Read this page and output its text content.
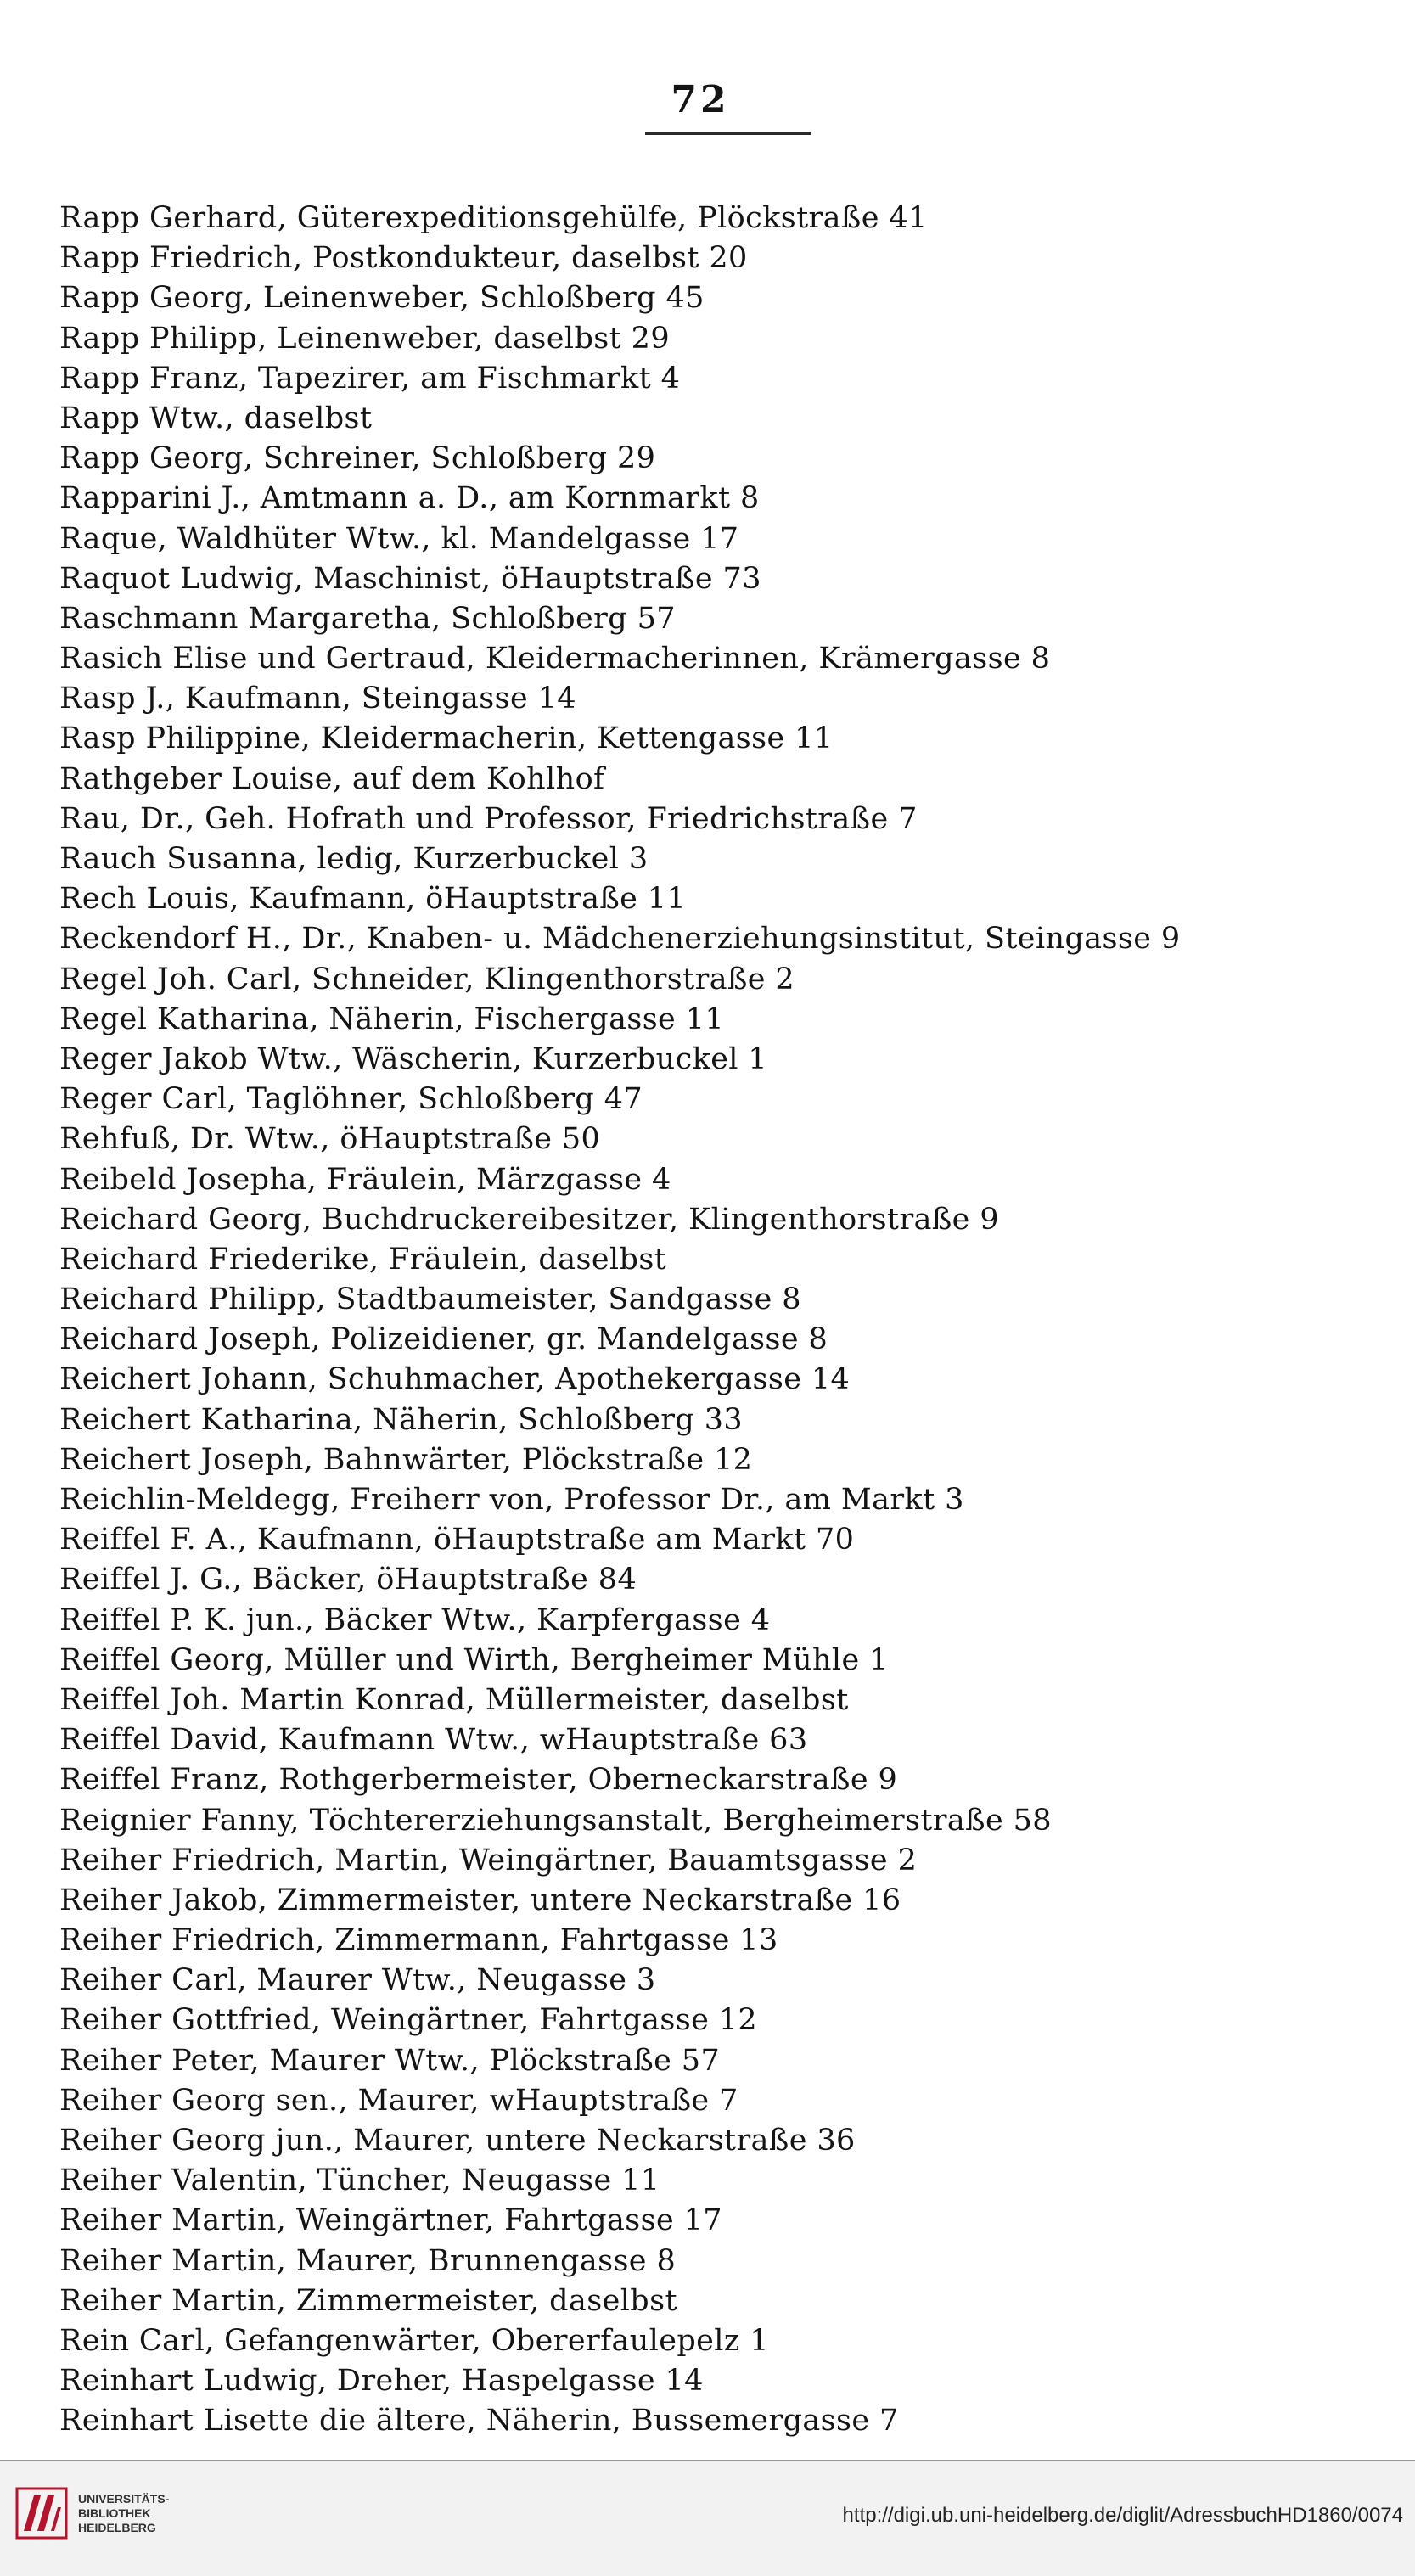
72
Rapp Gerhard, Güterexpeditionsgehülfe, Plöckstraße 41
Rapp Friedrich, Postkondukteur, daselbst 20
Rapp Georg, Leinenweber, Schloßberg 45
Rapp Philipp, Leinenweber, daselbst 29
Rapp Franz, Tapezirer, am Fischmarkt 4
Rapp Wtw., daselbst
Rapp Georg, Schreiner, Schloßberg 29
Rapparini J., Amtmann a. D., am Kornmarkt 8
Raque, Waldhüter Wtw., kl. Mandelgasse 17
Raquot Ludwig, Maschinist, öHauptstraße 73
Raschmann Margaretha, Schloßberg 57
Rasich Elise und Gertraud, Kleidermacherinnen, Krämergasse 8
Rasp J., Kaufmann, Steingasse 14
Rasp Philippine, Kleidermacherin, Kettengasse 11
Rathgeber Louise, auf dem Kohlhof
Rau, Dr., Geh. Hofrath und Professor, Friedrichstraße 7
Rauch Susanna, ledig, Kurzerbuckel 3
Rech Louis, Kaufmann, öHauptstraße 11
Reckendorf H., Dr., Knaben- u. Mädchenerziehungsinstitut, Steingasse 9
Regel Joh. Carl, Schneider, Klingenthorstraße 2
Regel Katharina, Näherin, Fischergasse 11
Reger Jakob Wtw., Wäscherin, Kurzerbuckel 1
Reger Carl, Taglöhner, Schloßberg 47
Rehfuß, Dr. Wtw., öHauptstraße 50
Reibeld Josepha, Fräulein, Märzgasse 4
Reichard Georg, Buchdruckereibesitzer, Klingenthorstraße 9
Reichard Friederike, Fräulein, daselbst
Reichard Philipp, Stadtbaumeister, Sandgasse 8
Reichard Joseph, Polizeidiener, gr. Mandelgasse 8
Reichert Johann, Schuhmacher, Apothekergasse 14
Reichert Katharina, Näherin, Schloßberg 33
Reichert Joseph, Bahnwärter, Plöckstraße 12
Reichlin-Meldegg, Freiherr von, Professor Dr., am Markt 3
Reiffel F. A., Kaufmann, öHauptstraße am Markt 70
Reiffel J. G., Bäcker, öHauptstraße 84
Reiffel P. K. jun., Bäcker Wtw., Karpfergasse 4
Reiffel Georg, Müller und Wirth, Bergheimer Mühle 1
Reiffel Joh. Martin Konrad, Müllermeister, daselbst
Reiffel David, Kaufmann Wtw., wHauptstraße 63
Reiffel Franz, Rothgerbermeister, Oberneckarstraße 9
Reignier Fanny, Töchtererziehungsanstalt, Bergheimerstraße 58
Reiher Friedrich, Martin, Weingärtner, Bauamtsgasse 2
Reiher Jakob, Zimmermeister, untere Neckarstraße 16
Reiher Friedrich, Zimmermann, Fahrtgasse 13
Reiher Carl, Maurer Wtw., Neugasse 3
Reiher Gottfried, Weingärtner, Fahrtgasse 12
Reiher Peter, Maurer Wtw., Plöckstraße 57
Reiher Georg sen., Maurer, wHauptstraße 7
Reiher Georg jun., Maurer, untere Neckarstraße 36
Reiher Valentin, Tüncher, Neugasse 11
Reiher Martin, Weingärtner, Fahrtgasse 17
Reiher Martin, Maurer, Brunnengasse 8
Reiher Martin, Zimmermeister, daselbst
Rein Carl, Gefangenwärter, Obererfaulepelz 1
Reinhart Ludwig, Dreher, Haspelgasse 14
Reinhart Lisette die ältere, Näherin, Bussemergasse 7
UNIVERSITÄTS-
BIBLIOTHEK
HEIDELBERG
http://digi.ub.uni-heidelberg.de/diglit/AdressbuchHD1860/0074
